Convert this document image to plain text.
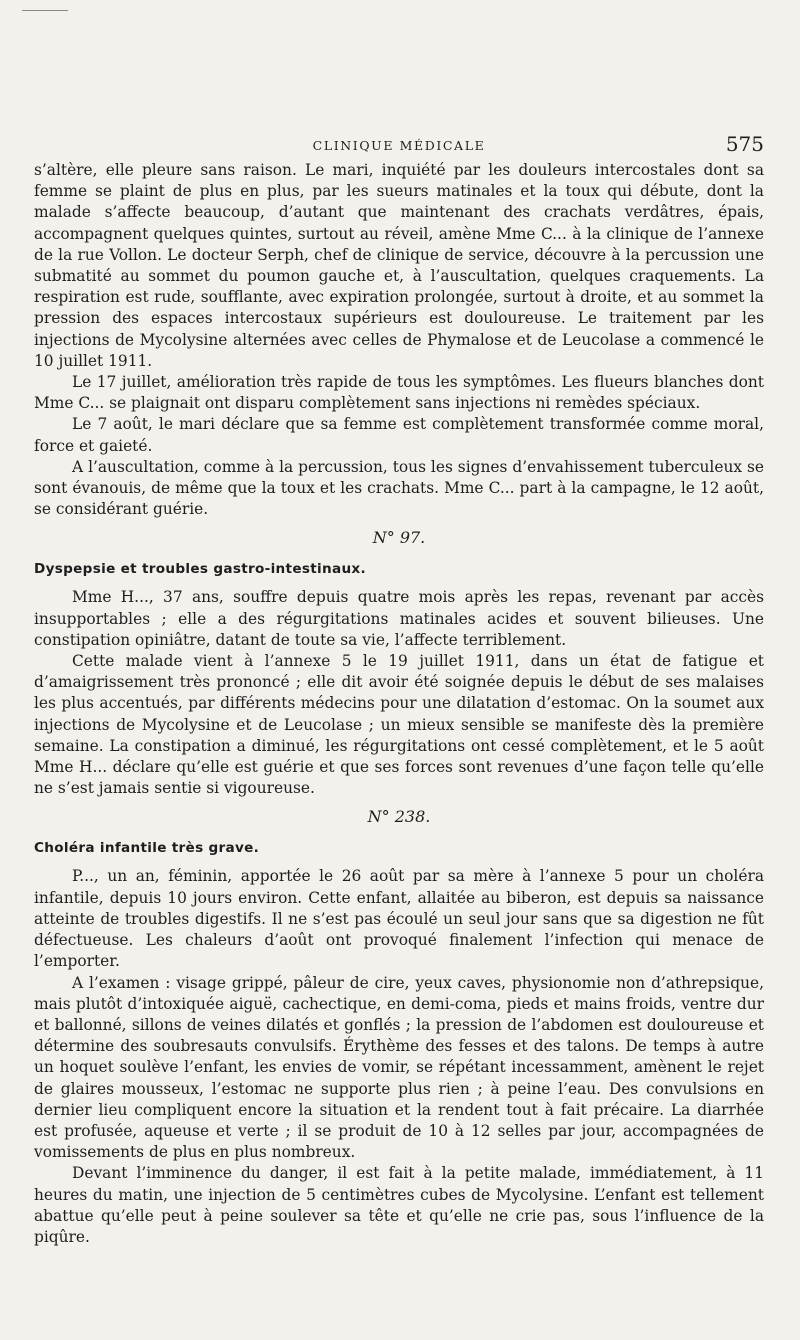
CLINIQUE MÉDICALE	575

s’altère, elle pleure sans raison. Le mari, inquiété par les douleurs intercostales dont sa femme se plaint de plus en plus, par les sueurs matinales et la toux qui débute, dont la malade s’affecte beaucoup, d’autant que maintenant des crachats verdâtres, épais, accompagnent quelques quintes, surtout au réveil, amène Mme C... à la clinique de l’annexe de la rue Vollon. Le docteur Serph, chef de clinique de service, découvre à la percussion une submatité au sommet du poumon gauche et, à l’auscultation, quelques craquements. La respiration est rude, soufflante, avec expiration prolongée, surtout à droite, et au sommet la pression des espaces intercostaux supérieurs est douloureuse. Le traitement par les injections de Mycolysine alternées avec celles de Phymalose et de Leucolase a commencé le 10 juillet 1911.

Le 17 juillet, amélioration très rapide de tous les symptômes. Les flueurs blanches dont Mme C... se plaignait ont disparu complètement sans injections ni remèdes spéciaux.

Le 7 août, le mari déclare que sa femme est complètement transformée comme moral, force et gaieté.

A l’auscultation, comme à la percussion, tous les signes d’envahissement tuberculeux se sont évanouis, de même que la toux et les crachats. Mme C... part à la campagne, le 12 août, se considérant guérie.

N° 97.
Dyspepsie et troubles gastro-intestinaux.

Mme H..., 37 ans, souffre depuis quatre mois après les repas, revenant par accès insupportables ; elle a des régurgitations matinales acides et souvent bilieuses. Une constipation opiniâtre, datant de toute sa vie, l’affecte terriblement.

Cette malade vient à l’annexe 5 le 19 juillet 1911, dans un état de fatigue et d’amaigrissement très prononcé ; elle dit avoir été soignée depuis le début de ses malaises les plus accentués, par différents médecins pour une dilatation d’estomac. On la soumet aux injections de Mycolysine et de Leucolase ; un mieux sensible se manifeste dès la première semaine. La constipation a diminué, les régurgitations ont cessé complètement, et le 5 août Mme H... déclare qu’elle est guérie et que ses forces sont revenues d’une façon telle qu’elle ne s’est jamais sentie si vigoureuse.

N° 238.
Choléra infantile très grave.

P..., un an, féminin, apportée le 26 août par sa mère à l’annexe 5 pour un choléra infantile, depuis 10 jours environ. Cette enfant, allaitée au biberon, est depuis sa naissance atteinte de troubles digestifs. Il ne s’est pas écoulé un seul jour sans que sa digestion ne fût défectueuse. Les chaleurs d’août ont provoqué finalement l’infection qui menace de l’emporter.

A l’examen : visage grippé, pâleur de cire, yeux caves, physionomie non d’athrepsique, mais plutôt d’intoxiquée aiguë, cachectique, en demi-coma, pieds et mains froids, ventre dur et ballonné, sillons de veines dilatés et gonflés ; la pression de l’abdomen est douloureuse et détermine des soubresauts convulsifs. Érythème des fesses et des talons. De temps à autre un hoquet soulève l’enfant, les envies de vomir, se répétant incessamment, amènent le rejet de glaires mousseux, l’estomac ne supporte plus rien ; à peine l’eau. Des convulsions en dernier lieu compliquent encore la situation et la rendent tout à fait précaire. La diarrhée est profusée, aqueuse et verte ; il se produit de 10 à 12 selles par jour, accompagnées de vomissements de plus en plus nombreux.

Devant l’imminence du danger, il est fait à la petite malade, immédiatement, à 11 heures du matin, une injection de 5 centimètres cubes de Mycolysine. L’enfant est tellement abattue qu’elle peut à peine soulever sa tête et qu’elle ne crie pas, sous l’influence de la piqûre.
